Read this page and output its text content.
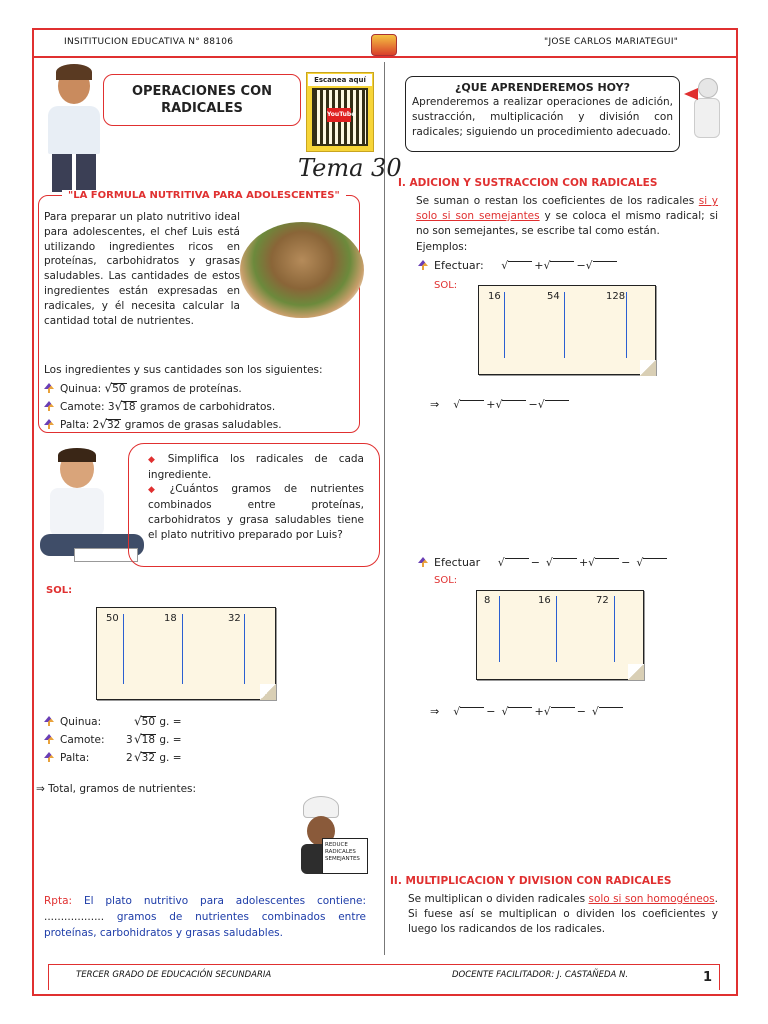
INSITITUCION EDUCATIVA N° 88106	"JOSE CARLOS MARIATEGUI"
OPERACIONES CON
RADICALES
Escanea aquí
YouTube
Tema 30
"LA FORMULA NUTRITIVA PARA ADOLESCENTES"
Para preparar un plato nutritivo ideal para adolescentes, el chef Luis está utilizando ingredientes ricos en proteínas, carbohidratos y grasas saludables. Las cantidades de estos ingredientes están expresadas en radicales, y él necesita calcular la cantidad total de nutrientes.
Los ingredientes y sus cantidades son los siguientes:
Quinua: √50 gramos de proteínas.
Camote: 3√18 gramos de carbohidratos.
Palta: 2√32 gramos de grasas saludables.
◆ Simplifica los radicales de cada ingrediente.
◆ ¿Cuántos gramos de nutrientes combinados entre proteínas, carbohidratos y grasa saludables tiene el plato nutritivo preparado por Luis?
SOL:
50	18	32
Quinua:	√50 g. =
Camote: 3√18 g. =
Palta:	2√32 g. =
⇒ Total, gramos de nutrientes:
REDUCE RADICALES SEMEJANTES
Rpta: El plato nutritivo para adolescentes contiene: .................. gramos de nutrientes combinados entre proteínas, carbohidratos y grasas saludables.
¿QUE APRENDEREMOS HOY?
Aprenderemos a realizar operaciones de adición, sustracción, multiplicación y división con radicales; siguiendo un procedimiento adecuado.
I. ADICION Y SUSTRACCION CON RADICALES
Se suman o restan los coeficientes de los radicales si y solo si son semejantes y se coloca el mismo radical; si no son semejantes, se escribe tal como están.
Ejemplos:
Efectuar: √ +√ −√
SOL:
16	54	128
⇒ √ +√ −√
Efectuar √ − √ +√ − √
SOL:
8	16	72
⇒ √ − √ +√ − √
II. MULTIPLICACION Y DIVISION CON RADICALES
Se multiplican o dividen radicales solo si son homogéneos. Si fuese así se multiplican o dividen los coeficientes y luego los radicandos de los radicales.
TERCER GRADO DE EDUCACIÓN SECUNDARIA	DOCENTE FACILITADOR: J. CASTAÑEDA N.	1
